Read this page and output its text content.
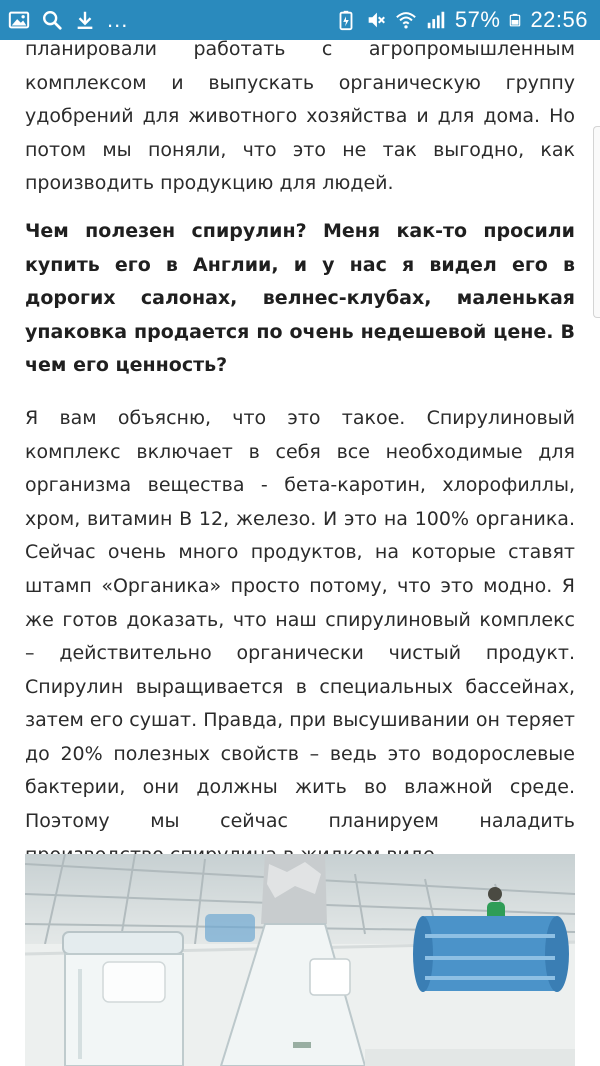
...	57% 22:56

планировали работать с агропромышленным комплексом и выпускать органическую группу удобрений для животного хозяйства и для дома. Но потом мы поняли, что это не так выгодно, как производить продукцию для людей.

Чем полезен спирулин? Меня как-то просили купить его в Англии, и у нас я видел его в дорогих салонах, велнес-клубах, маленькая упаковка продается по очень недешевой цене. В чем его ценность?

Я вам объясню, что это такое. Спирулиновый комплекс включает в себя все необходимые для организма вещества - бета-каротин, хлорофиллы, хром, витамин B 12, железо. И это на 100% органика. Сейчас очень много продуктов, на которые ставят штамп «Органика» просто потому, что это модно. Я же готов доказать, что наш спирулиновый комплекс – действительно органически чистый продукт. Спирулин выращивается в специальных бассейнах, затем его сушат. Правда, при высушивании он теряет до 20% полезных свойств – ведь это водорослевые бактерии, они должны жить во влажной среде. Поэтому мы сейчас планируем наладить
